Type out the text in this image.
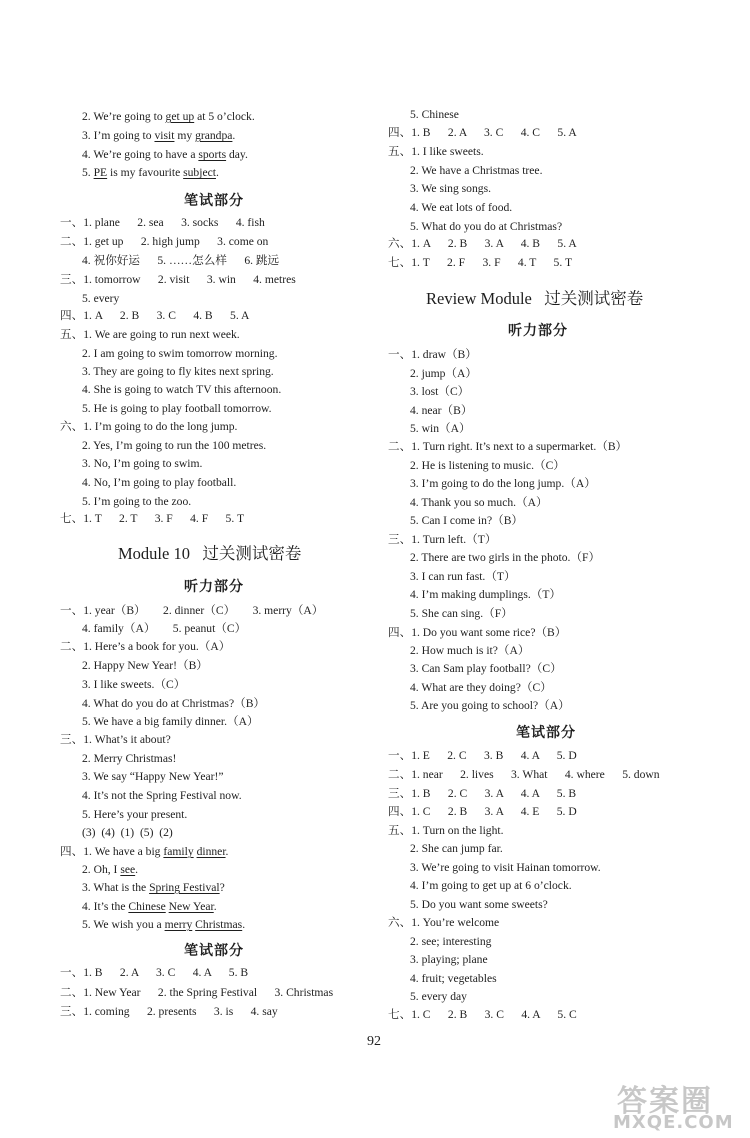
2. We’re going to get up at 5 o’clock.
3. I’m going to visit my grandpa.
4. We’re going to have a sports day.
5. PE is my favourite subject.
一、1. plane      2. sea      3. socks      4. fish
二、1. get up      2. high jump      3. come on
4. 祝你好运      5. ……怎么样      6. 跳远
三、1. tomorrow      2. visit      3. win      4. metres
5. every
四、1. A      2. B      3. C      4. B      5. A
五、1. We are going to run next week.
2. I am going to swim tomorrow morning.
3. They are going to fly kites next spring.
4. She is going to watch TV this afternoon.
5. He is going to play football tomorrow.
六、1. I’m going to do the long jump.
2. Yes, I’m going to run the 100 metres.
3. No, I’m going to swim.
4. No, I’m going to play football.
5. I’m going to the zoo.
七、1. T      2. T      3. F      4. F      5. T
一、1. year（B）      2. dinner（C）      3. merry（A）
4. family（A）      5. peanut（C）
二、1. Here’s a book for you.（A）
2. Happy New Year!（B）
3. I like sweets.（C）
4. What do you do at Christmas?（B）
5. We have a big family dinner.（A）
三、1. What’s it about?
2. Merry Christmas!
3. We say “Happy New Year!”
4. It’s not the Spring Festival now.
5. Here’s your present.
(3)  (4)  (1)  (5)  (2)
四、1. We have a big family dinner.
2. Oh, I see.
3. What is the Spring Festival?
4. It’s the Chinese New Year.
5. We wish you a merry Christmas.
一、1. B      2. A      3. C      4. A      5. B
二、1. New Year      2. the Spring Festival      3. Christmas
三、1. coming      2. presents      3. is      4. say
笔试部分
听力部分
笔试部分
Module 10   过关测试密卷
5. Chinese
四、1. B      2. A      3. C      4. C      5. A
五、1. I like sweets.
2. We have a Christmas tree.
3. We sing songs.
4. We eat lots of food.
5. What do you do at Christmas?
六、1. A      2. B      3. A      4. B      5. A
七、1. T      2. F      3. F      4. T      5. T
一、1. draw（B）
2. jump（A）
3. lost（C）
4. near（B）
5. win（A）
二、1. Turn right. It’s next to a supermarket.（B）
2. He is listening to music.（C）
3. I’m going to do the long jump.（A）
4. Thank you so much.（A）
5. Can I come in?（B）
三、1. Turn left.（T）
2. There are two girls in the photo.（F）
3. I can run fast.（T）
4. I’m making dumplings.（T）
5. She can sing.（F）
四、1. Do you want some rice?（B）
2. How much is it?（A）
3. Can Sam play football?（C）
4. What are they doing?（C）
5. Are you going to school?（A）
一、1. E      2. C      3. B      4. A      5. D
二、1. near      2. lives      3. What      4. where      5. down
三、1. B      2. C      3. A      4. A      5. B
四、1. C      2. B      3. A      4. E      5. D
五、1. Turn on the light.
2. She can jump far.
3. We’re going to visit Hainan tomorrow.
4. I’m going to get up at 6 o’clock.
5. Do you want some sweets?
六、1. You’re welcome
2. see; interesting
3. playing; plane
4. fruit; vegetables
5. every day
七、1. C      2. B      3. C      4. A      5. C
听力部分
笔试部分
Review Module   过关测试密卷
92
答案圈
MXQE.COM
